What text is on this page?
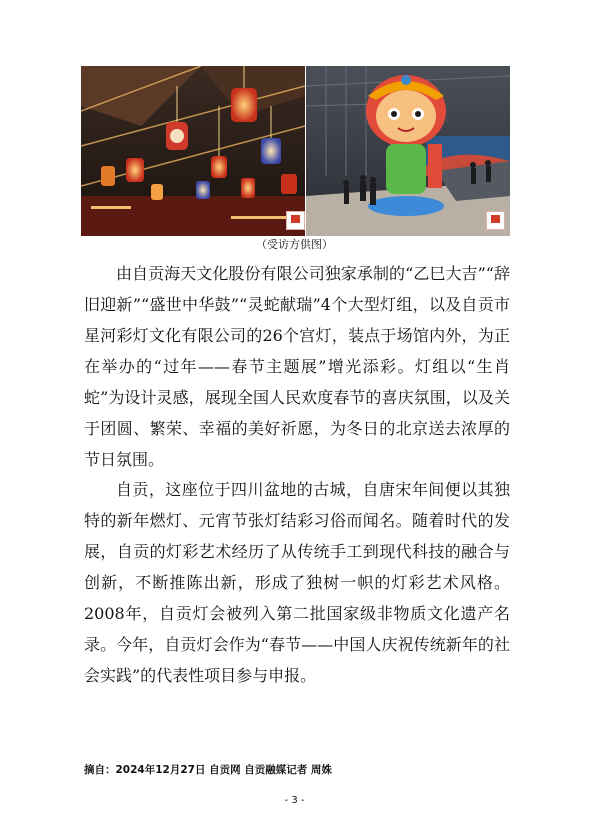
（受访方供图）

由自贡海天文化股份有限公司独家承制的“乙巳大吉”“辞旧迎新”“盛世中华鼓”“灵蛇献瑞”4个大型灯组，以及自贡市星河彩灯文化有限公司的26个宫灯，装点于场馆内外，为正在举办的“过年——春节主题展”增光添彩。灯组以“生肖蛇”为设计灵感，展现全国人民欢度春节的喜庆氛围，以及关于团圆、繁荣、幸福的美好祈愿，为冬日的北京送去浓厚的节日氛围。

自贡，这座位于四川盆地的古城，自唐宋年间便以其独特的新年燃灯、元宵节张灯结彩习俗而闻名。随着时代的发展，自贡的灯彩艺术经历了从传统手工到现代科技的融合与创新，不断推陈出新，形成了独树一帜的灯彩艺术风格。2008年，自贡灯会被列入第二批国家级非物质文化遗产名录。今年，自贡灯会作为“春节——中国人庆祝传统新年的社会实践”的代表性项目参与申报。

摘自：2024年12月27日 自贡网 自贡融媒记者 周姝
- 3 -
